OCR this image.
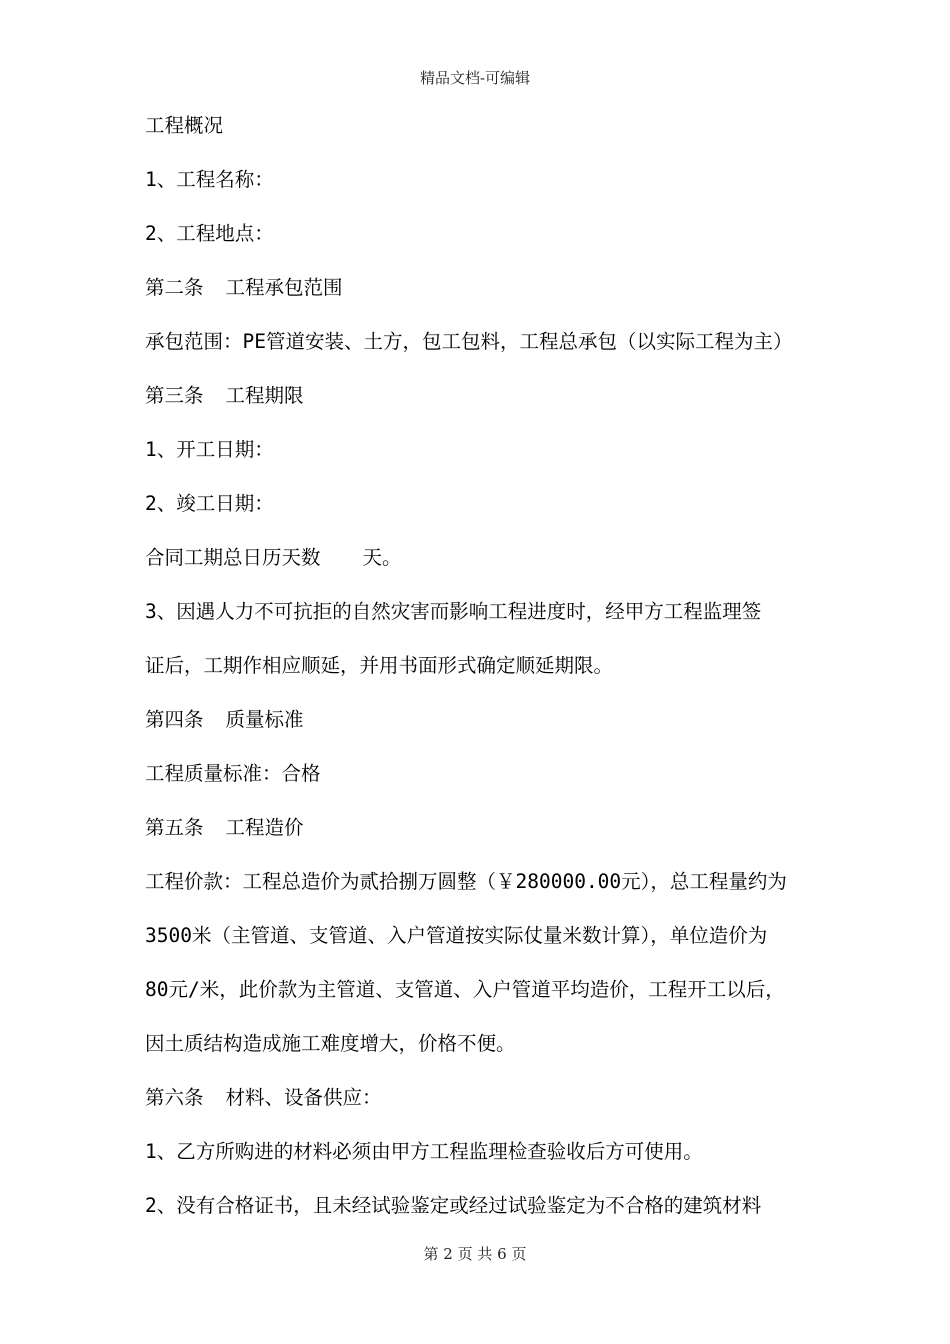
精品文档-可编辑
工程概况
1、工程名称：
2、工程地点：
第二条 工程承包范围
承包范围：PE管道安装、土方，包工包料，工程总承包（以实际工程为主）
第三条 工程期限
1、开工日期：
2、竣工日期：
合同工期总日历天数 天。
3、因遇人力不可抗拒的自然灾害而影响工程进度时，经甲方工程监理签
证后，工期作相应顺延，并用书面形式确定顺延期限。
第四条 质量标准
工程质量标准：合格
第五条 工程造价
工程价款：工程总造价为贰拾捌万圆整（￥280000.00元），总工程量约为
3500米（主管道、支管道、入户管道按实际仗量米数计算），单位造价为
80元/米，此价款为主管道、支管道、入户管道平均造价，工程开工以后，
因土质结构造成施工难度增大，价格不便。
第六条 材料、设备供应：
1、乙方所购进的材料必须由甲方工程监理检查验收后方可使用。
2、没有合格证书，且未经试验鉴定或经过试验鉴定为不合格的建筑材料
第 2 页 共 6 页
